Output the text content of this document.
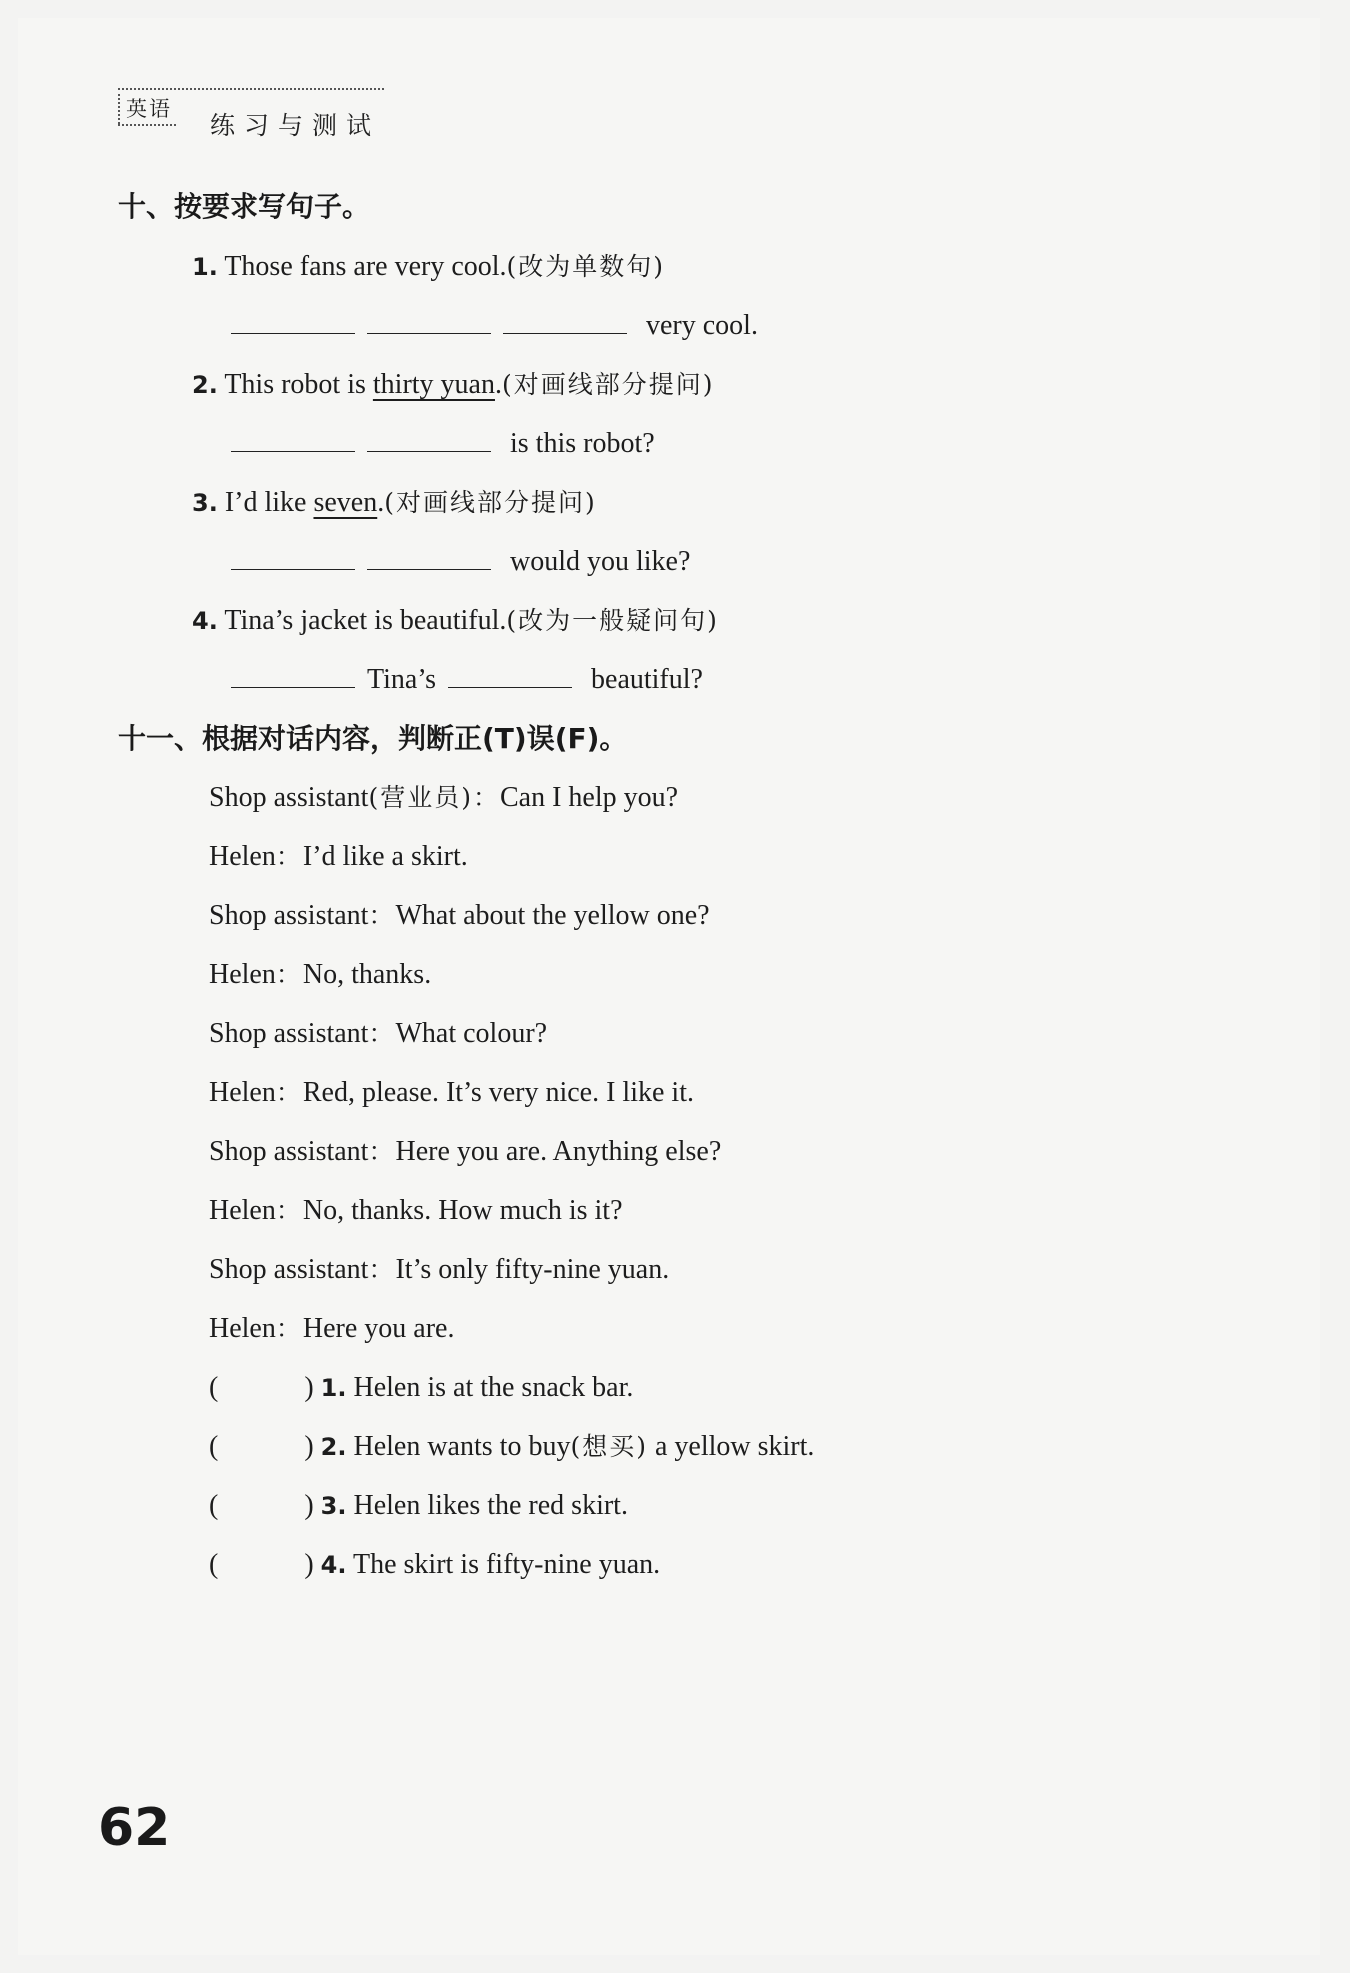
英语
练习与测试
十、按要求写句子。
1. Those fans are very cool.(改为单数句)
very cool.
2. This robot is thirty yuan.(对画线部分提问)
is this robot?
3. I’d like seven.(对画线部分提问)
would you like?
4. Tina’s jacket is beautiful.(改为一般疑问句)
Tina’s	beautiful?
十一、根据对话内容，判断正(T)误(F)。
Shop assistant(营业员)：Can I help you?
Helen：I’d like a skirt.
Shop assistant：What about the yellow one?
Helen：No, thanks.
Shop assistant：What colour?
Helen：Red, please. It’s very nice. I like it.
Shop assistant：Here you are. Anything else?
Helen：No, thanks. How much is it?
Shop assistant：It’s only fifty-nine yuan.
Helen：Here you are.
(	) 1. Helen is at the snack bar.
(	) 2. Helen wants to buy(想买) a yellow skirt.
(	) 3. Helen likes the red skirt.
(	) 4. The skirt is fifty-nine yuan.
62
